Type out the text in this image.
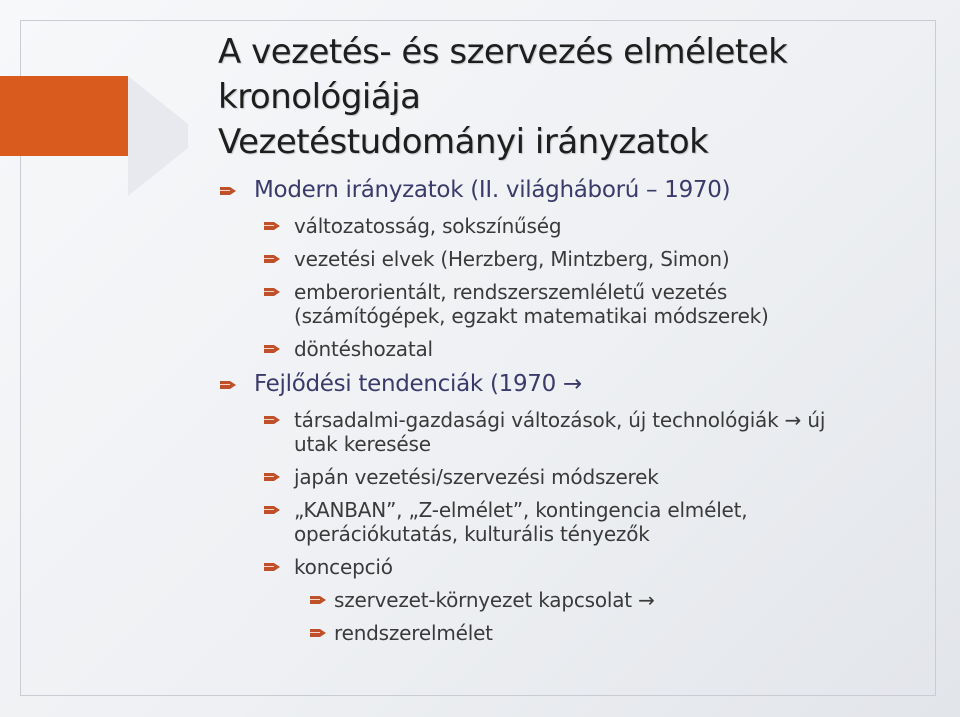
A vezetés- és szervezés elméletek
kronológiája
Vezetéstudományi irányzatok
Modern irányzatok (II. világháború – 1970)
változatosság, sokszínűség
vezetési elvek (Herzberg, Mintzberg, Simon)
emberorientált, rendszerszemléletű vezetés
(számítógépek, egzakt matematikai módszerek)
döntéshozatal
Fejlődési tendenciák (1970 →
társadalmi-gazdasági változások, új technológiák → új
utak keresése
japán vezetési/szervezési módszerek
„KANBAN”, „Z-elmélet”, kontingencia elmélet,
operációkutatás, kulturális tényezők
koncepció
szervezet-környezet kapcsolat →
rendszerelmélet
